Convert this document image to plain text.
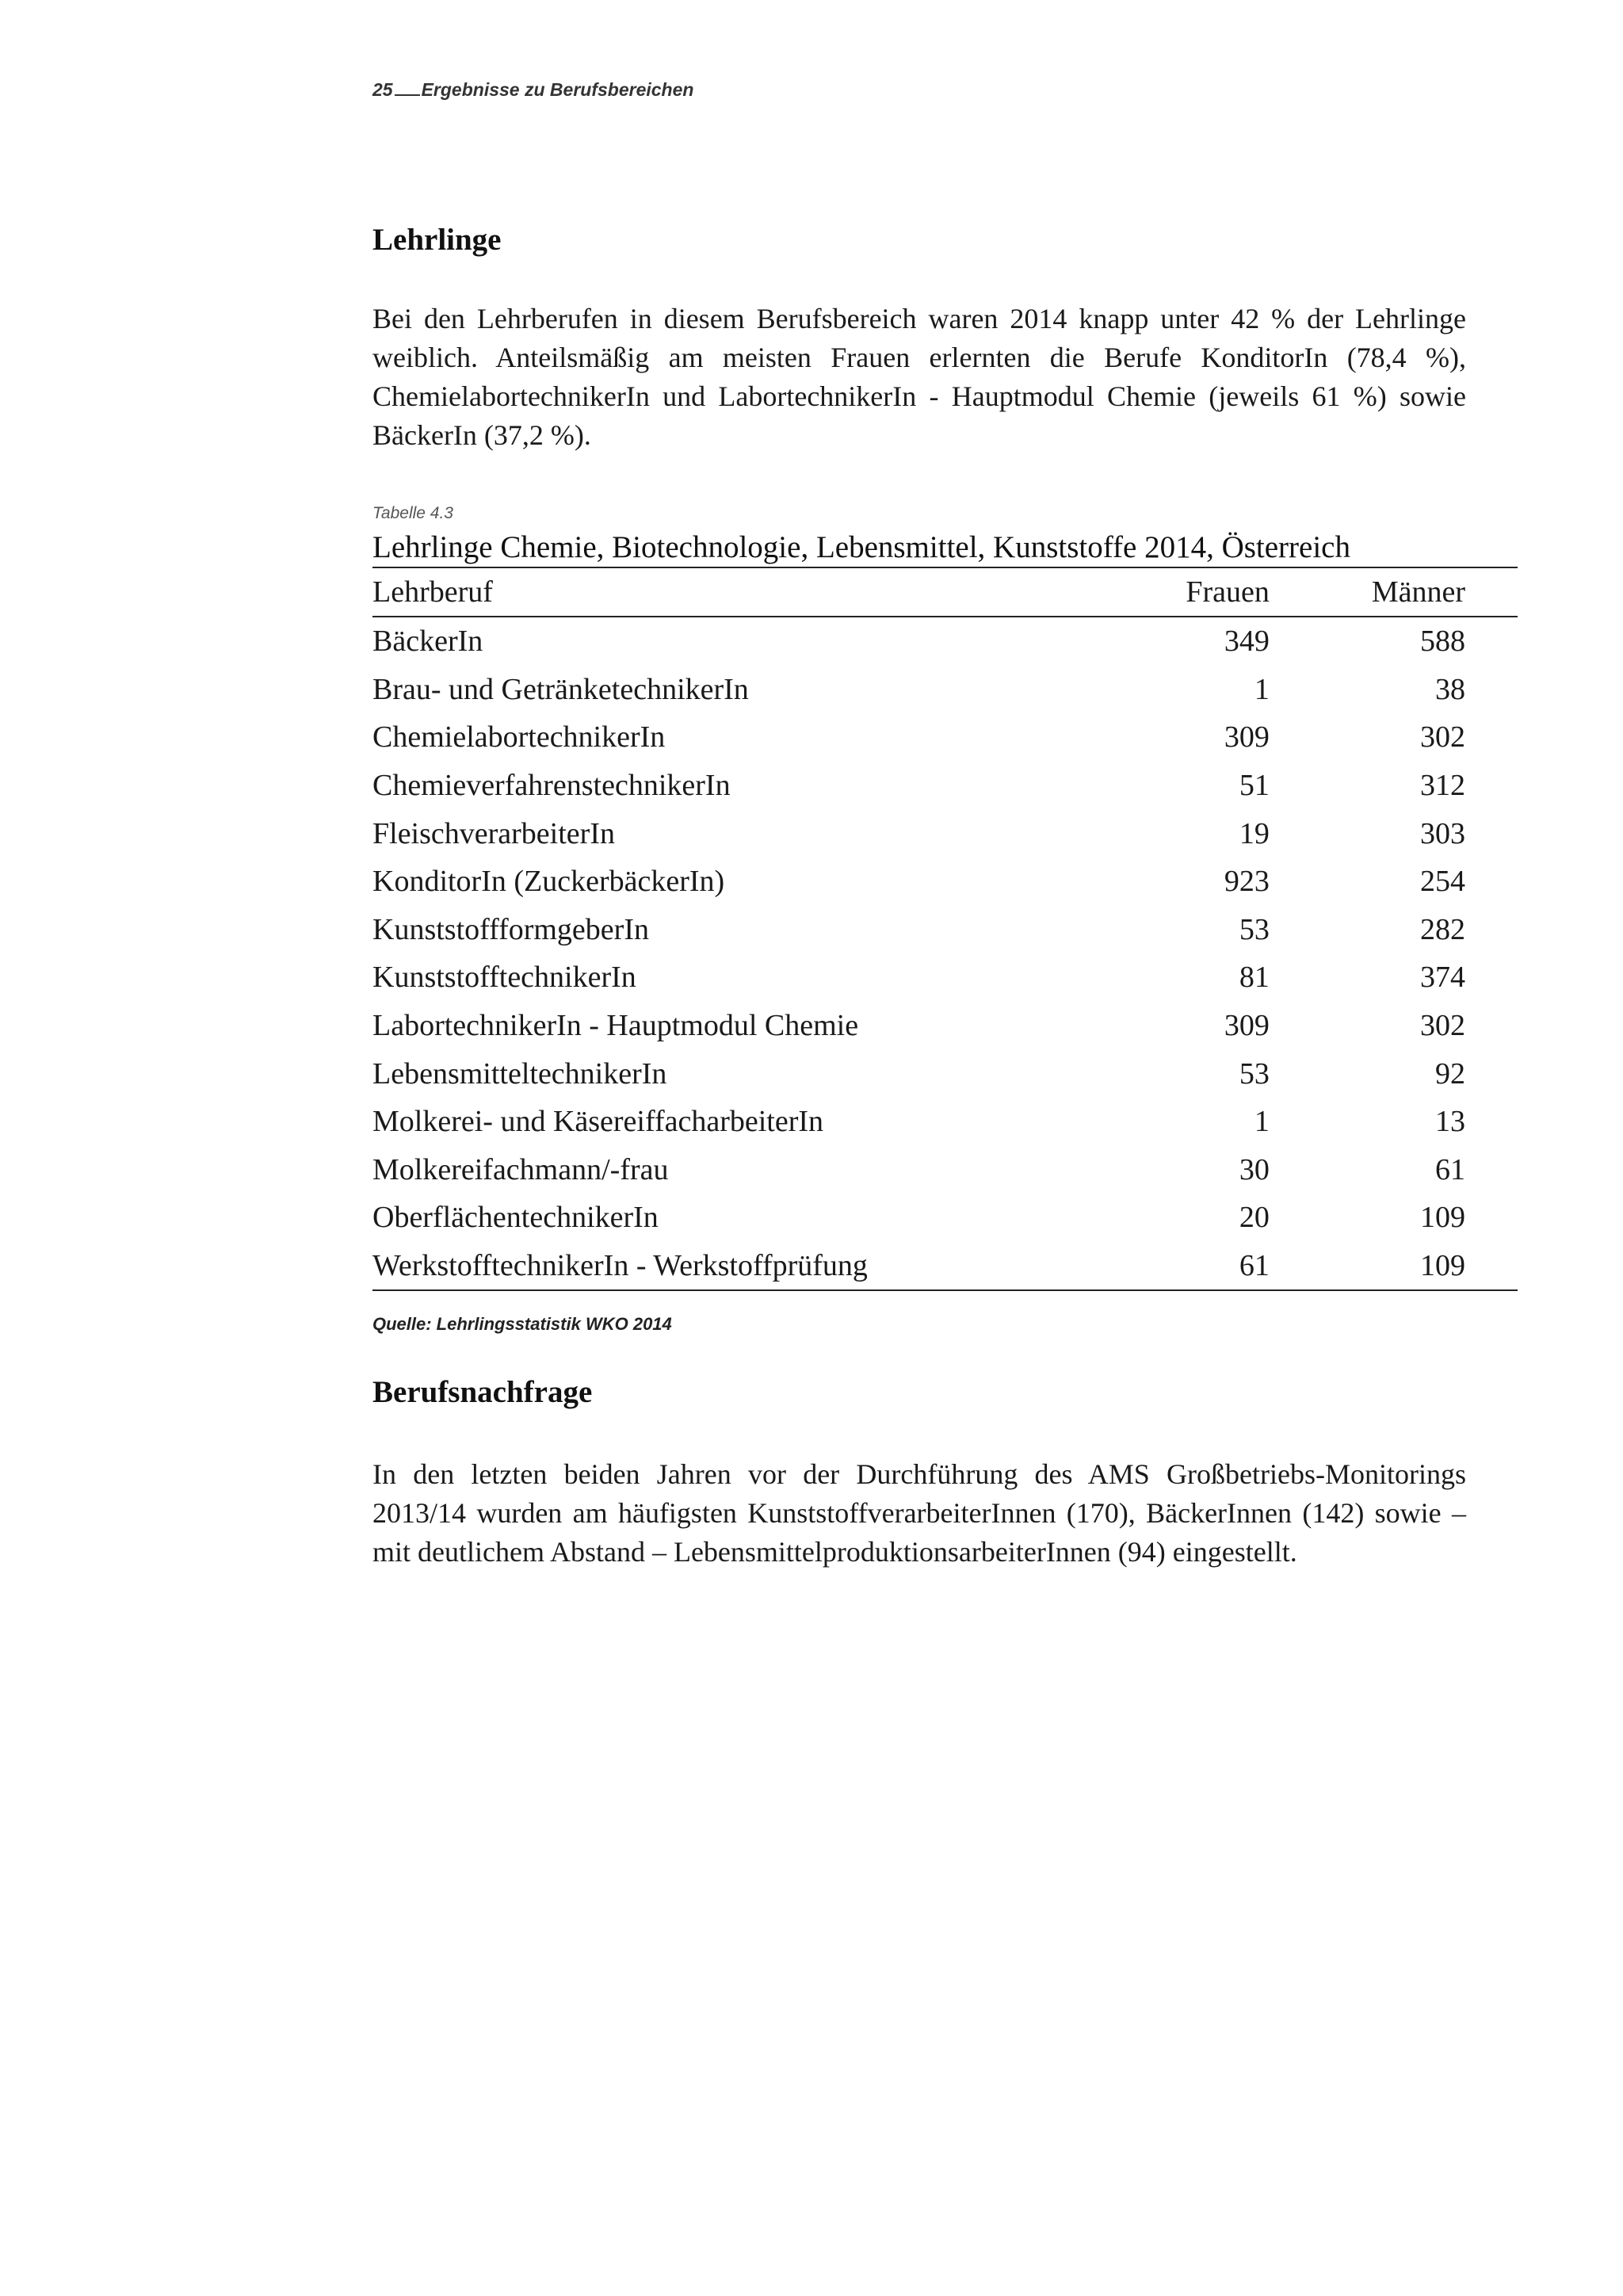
25 Ergebnisse zu Berufsbereichen
Lehrlinge

Bei den Lehrberufen in diesem Berufsbereich waren 2014 knapp unter 42 % der Lehrlinge weiblich. Anteilsmäßig am meisten Frauen erlernten die Berufe KonditorIn (78,4 %), ChemielabortechnikerIn und LabortechnikerIn - Hauptmodul Chemie (jeweils 61 %) sowie BäckerIn (37,2 %).

Tabelle 4.3
Lehrlinge Chemie, Biotechnologie, Lebensmittel, Kunststoffe 2014, Österreich
Lehrberuf	Frauen	Männer
BäckerIn	349	588
Brau- und GetränketechnikerIn	1	38
ChemielabortechnikerIn	309	302
ChemieverfahrenstechnikerIn	51	312
FleischverarbeiterIn	19	303
KonditorIn (ZuckerbäckerIn)	923	254
KunststoffformgeberIn	53	282
KunststofftechnikerIn	81	374
LabortechnikerIn - Hauptmodul Chemie	309	302
LebensmitteltechnikerIn	53	92
Molkerei- und KäsereiffacharbeiterIn	1	13
Molkereifachmann/-frau	30	61
OberflächentechnikerIn	20	109
WerkstofftechnikerIn - Werkstoffprüfung	61	109
Quelle: Lehrlingsstatistik WKO 2014
Berufsnachfrage

In den letzten beiden Jahren vor der Durchführung des AMS Großbetriebs-Monitorings 2013/14 wurden am häufigsten KunststoffverarbeiterInnen (170), BäckerInnen (142) sowie – mit deutlichem Abstand – LebensmittelproduktionsarbeiterInnen (94) eingestellt.
